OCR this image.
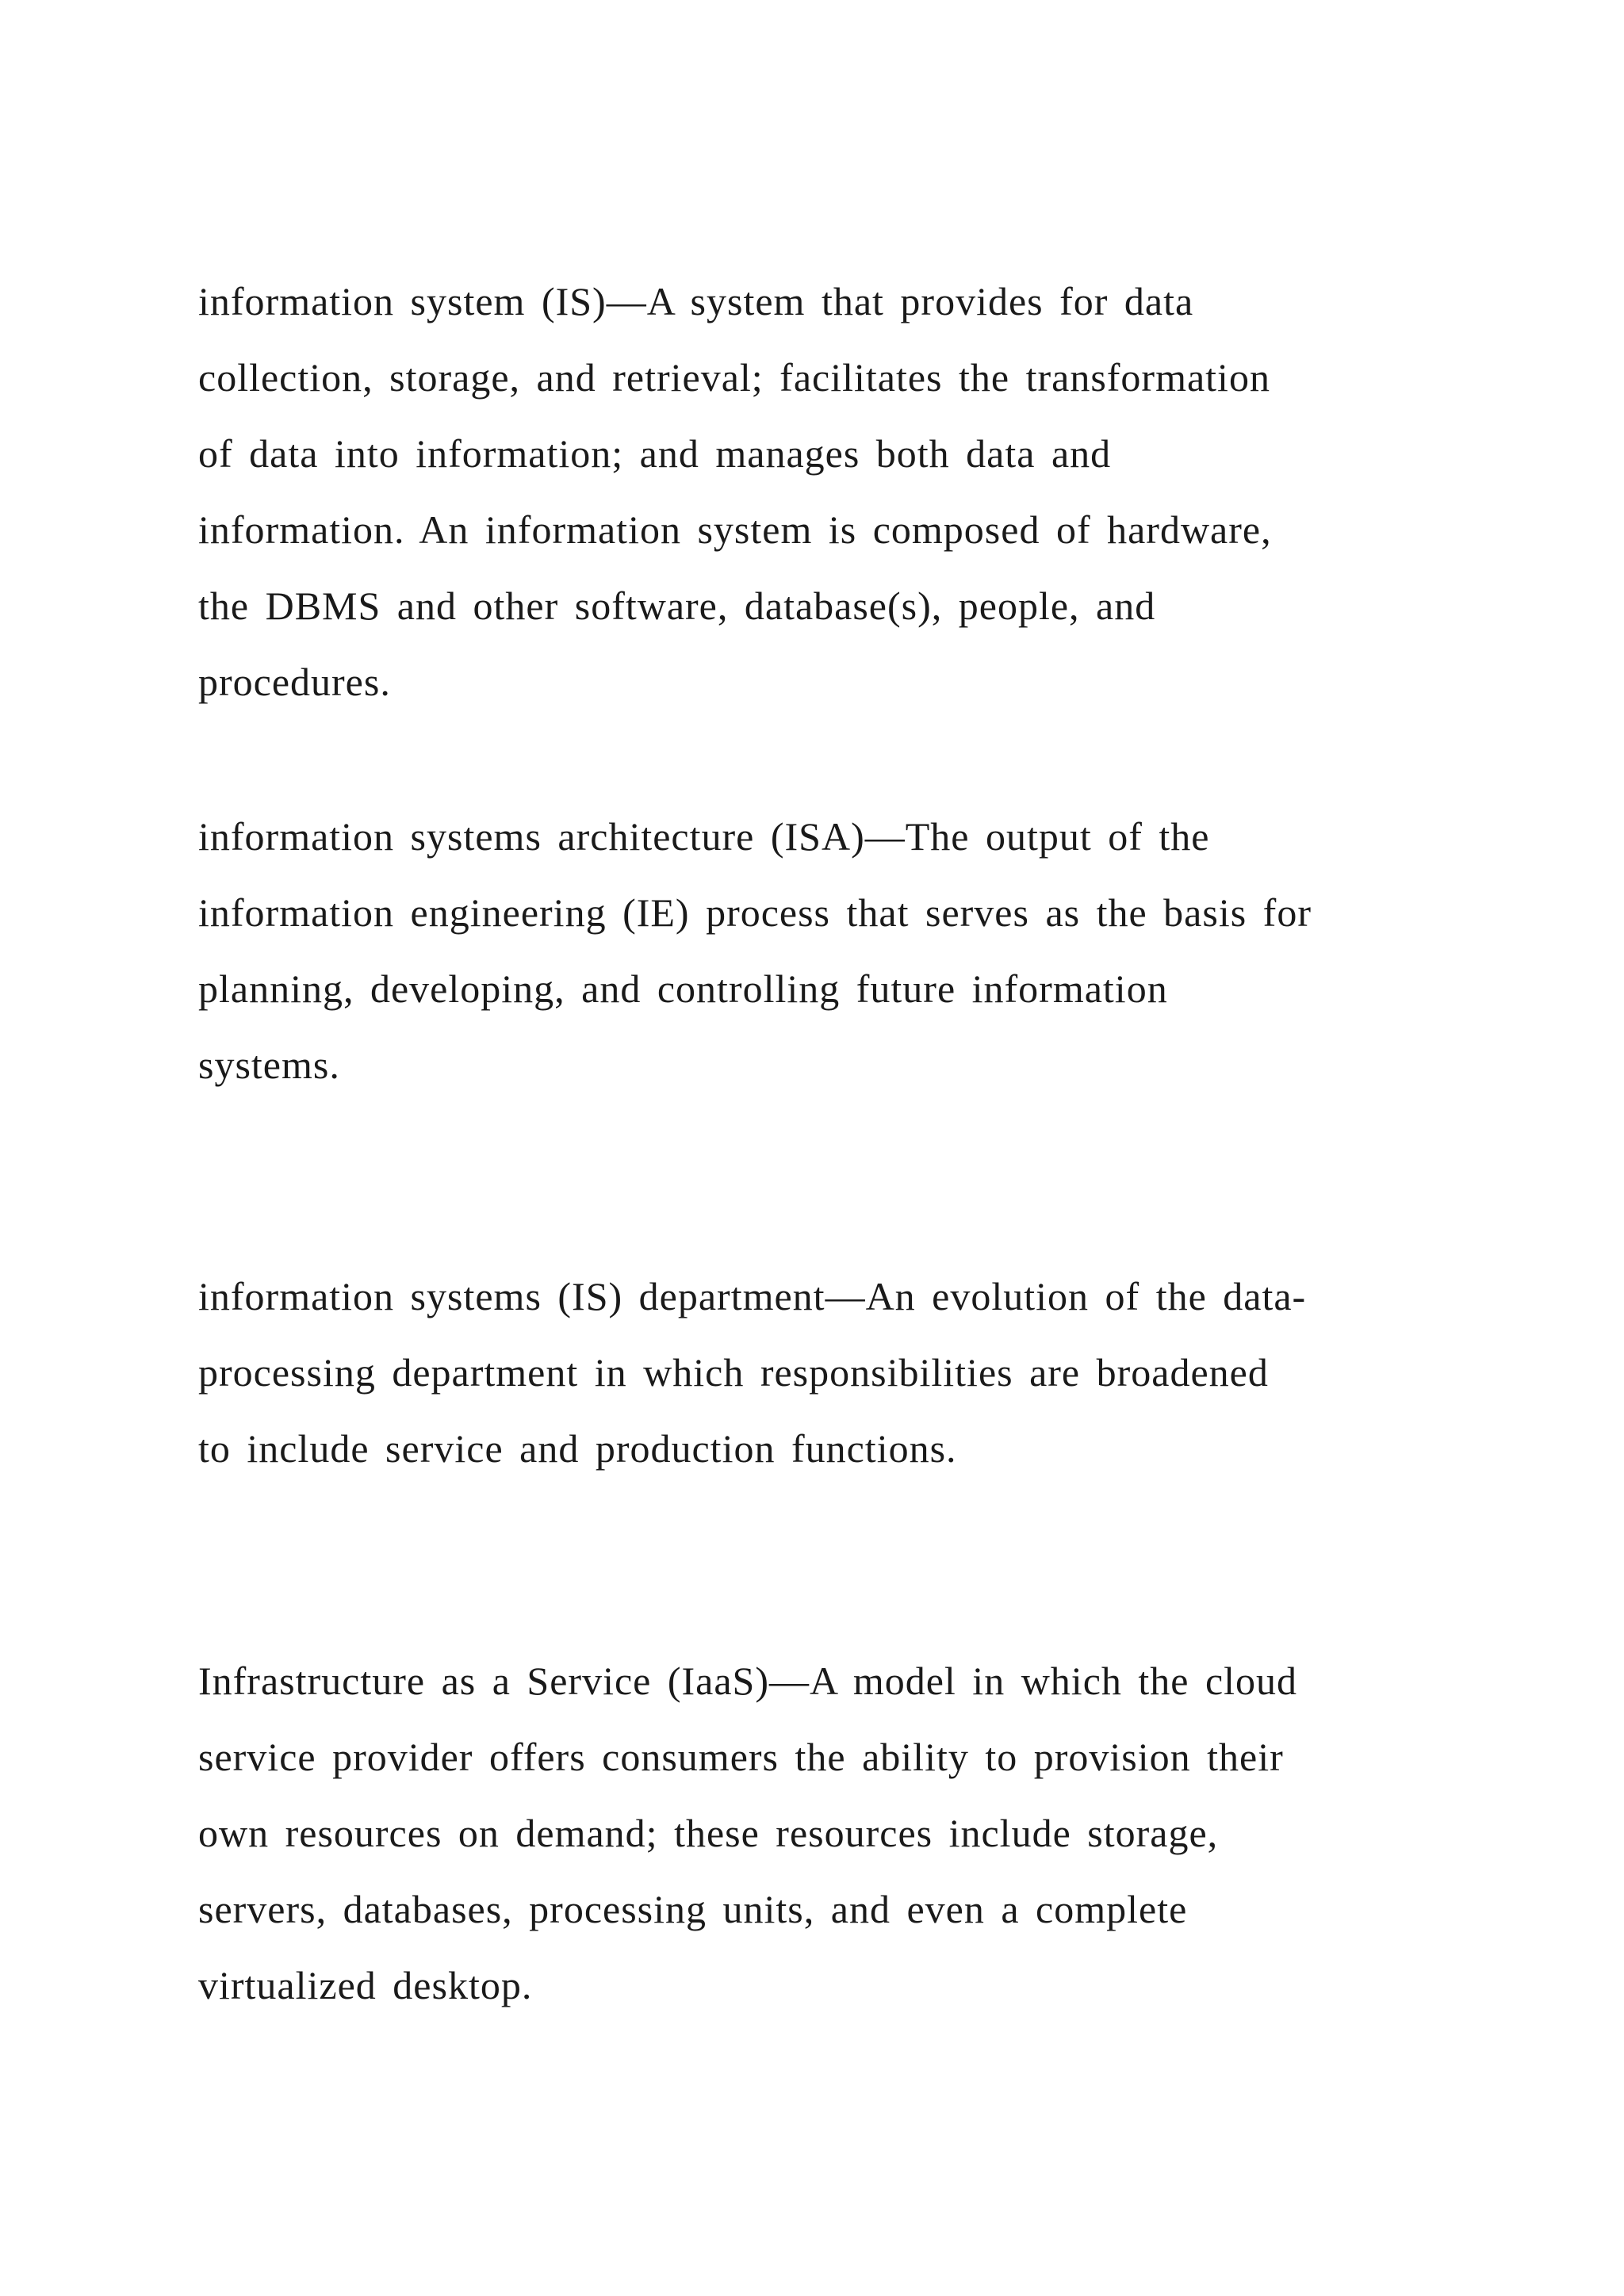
information system (IS)—A system that provides for data
collection, storage, and retrieval; facilitates the transformation
of data into information; and manages both data and
information. An information system is composed of hardware,
the DBMS and other software, database(s), people, and
procedures.

information systems architecture (ISA)—The output of the
information engineering (IE) process that serves as the basis for
planning, developing, and controlling future information
systems.

information systems (IS) department—An evolution of the data-
processing department in which responsibilities are broadened
to include service and production functions.

Infrastructure as a Service (IaaS)—A model in which the cloud
service provider offers consumers the ability to provision their
own resources on demand; these resources include storage,
servers, databases, processing units, and even a complete
virtualized desktop.
